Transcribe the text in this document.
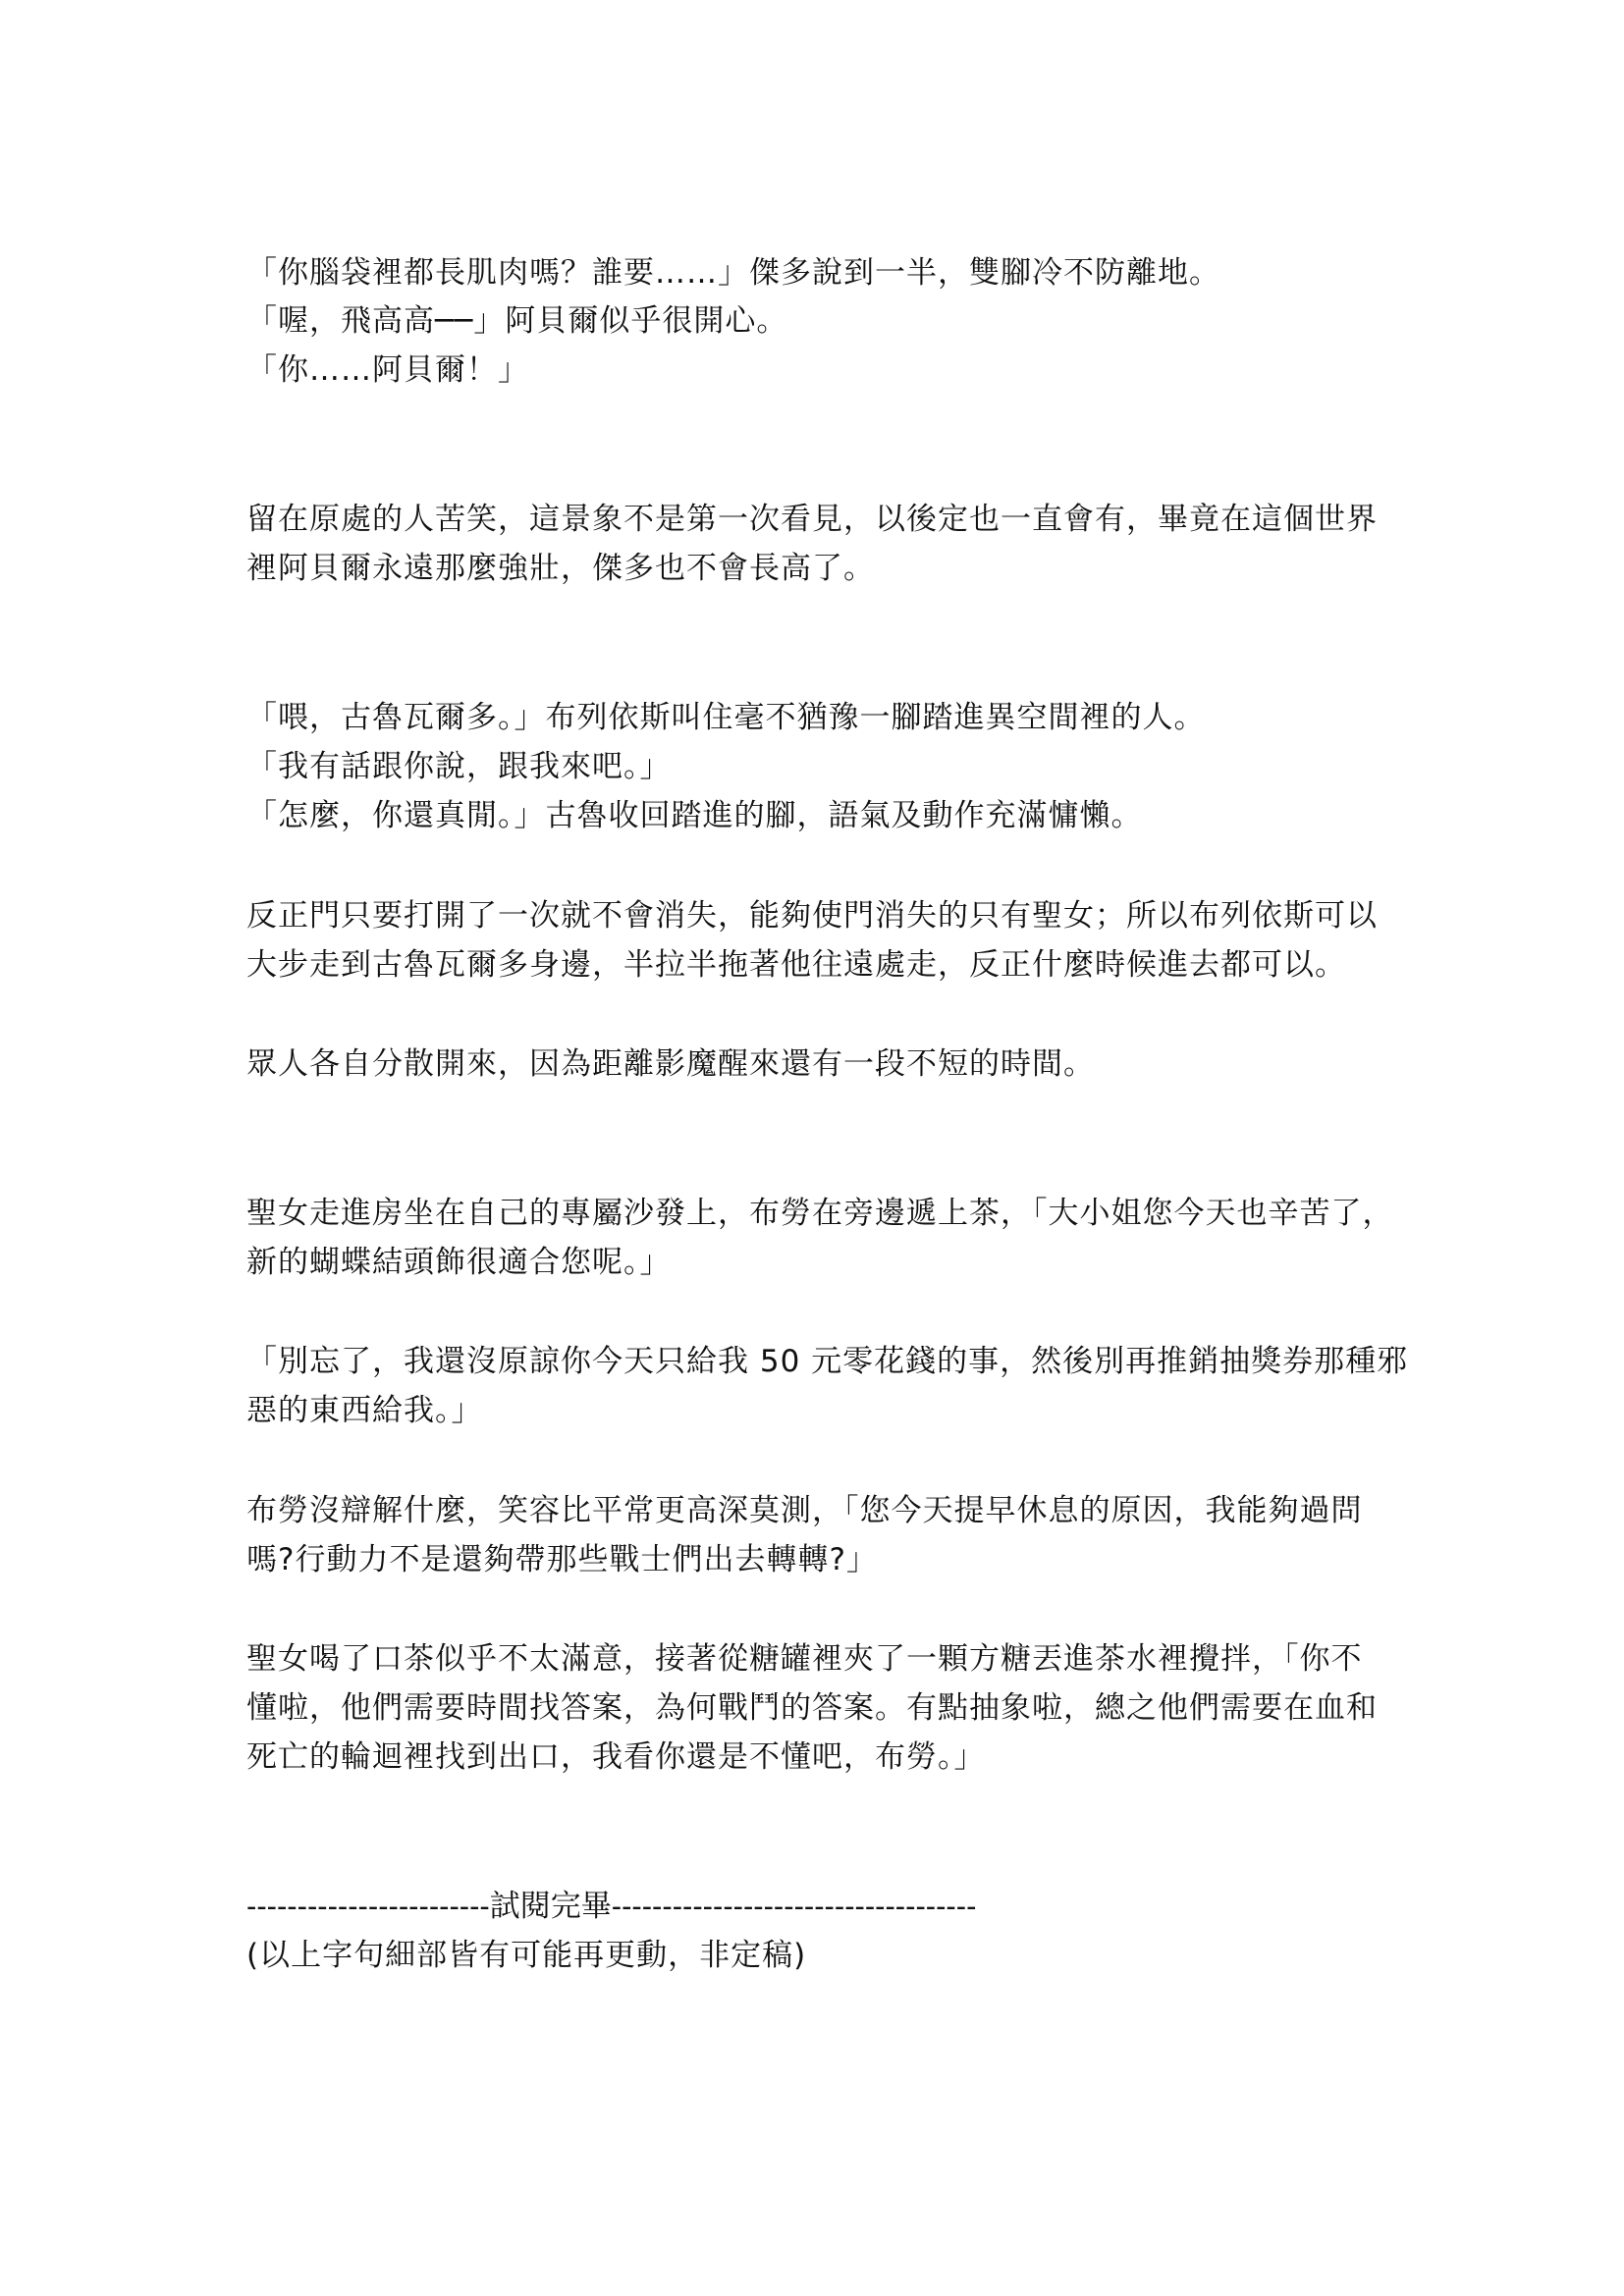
「你腦袋裡都長肌肉嗎？誰要……」傑多說到一半，雙腳冷不防離地。
「喔，飛高高──」阿貝爾似乎很開心。
「你……阿貝爾！」
留在原處的人苦笑，這景象不是第一次看見，以後定也一直會有，畢竟在這個世界
裡阿貝爾永遠那麼強壯，傑多也不會長高了。
「喂，古魯瓦爾多。」布列依斯叫住毫不猶豫一腳踏進異空間裡的人。
「我有話跟你說，跟我來吧。」
「怎麼，你還真閒。」古魯收回踏進的腳，語氣及動作充滿慵懶。
反正門只要打開了一次就不會消失，能夠使門消失的只有聖女；所以布列依斯可以
大步走到古魯瓦爾多身邊，半拉半拖著他往遠處走，反正什麼時候進去都可以。
眾人各自分散開來，因為距離影魔醒來還有一段不短的時間。
聖女走進房坐在自己的專屬沙發上，布勞在旁邊遞上茶，「大小姐您今天也辛苦了，
新的蝴蝶結頭飾很適合您呢。」
「別忘了，我還沒原諒你今天只給我 50 元零花錢的事，然後別再推銷抽獎券那種邪
惡的東西給我。」
布勞沒辯解什麼，笑容比平常更高深莫測，「您今天提早休息的原因，我能夠過問
嗎?行動力不是還夠帶那些戰士們出去轉轉?」
聖女喝了口茶似乎不太滿意，接著從糖罐裡夾了一顆方糖丟進茶水裡攪拌，「你不
懂啦，他們需要時間找答案，為何戰鬥的答案。有點抽象啦，總之他們需要在血和
死亡的輪迴裡找到出口，我看你還是不懂吧，布勞。」
------------------------試閱完畢------------------------------------
(以上字句細部皆有可能再更動，非定稿)
